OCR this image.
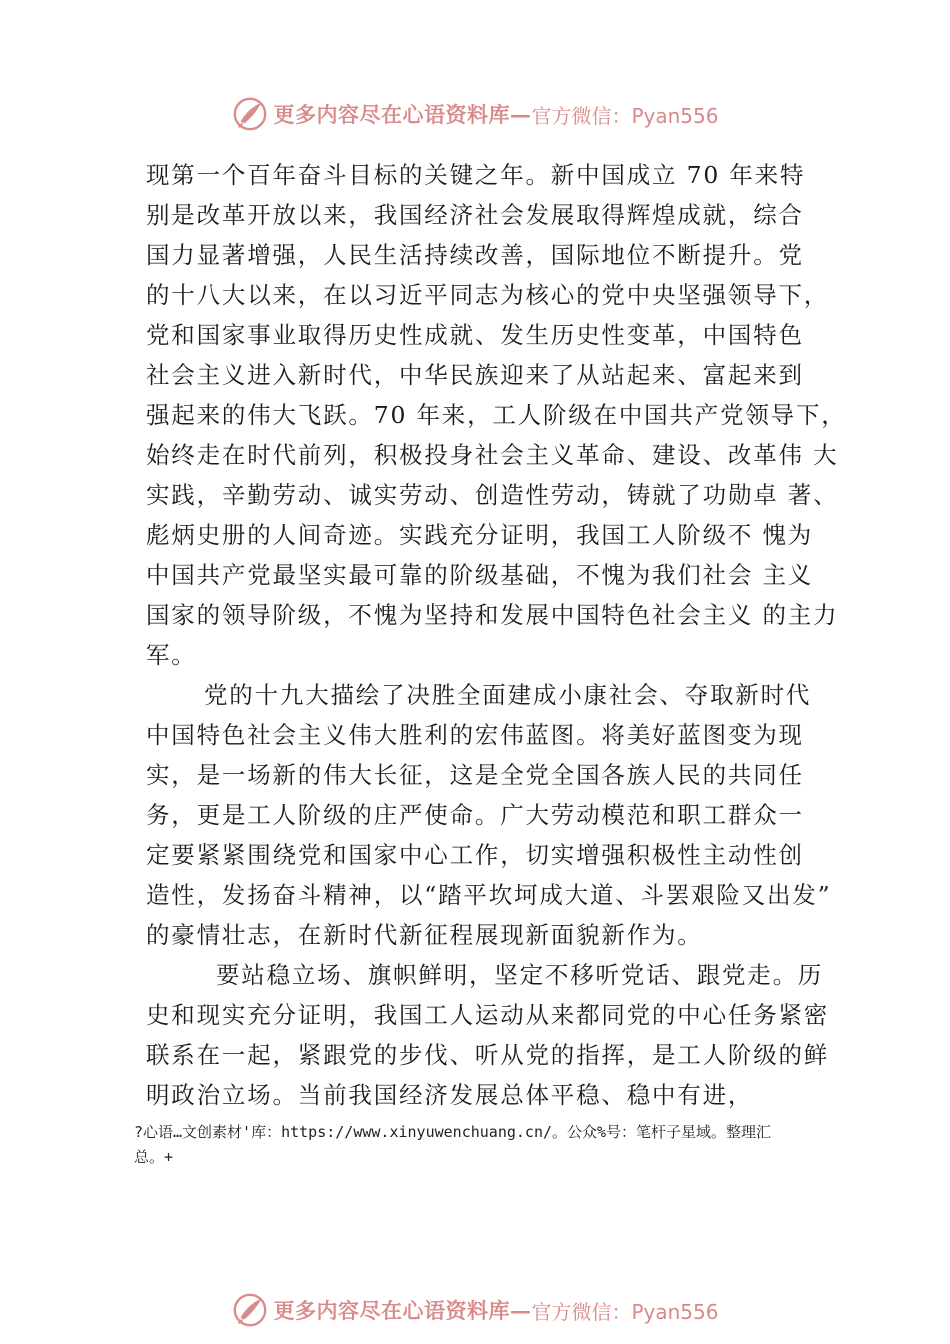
更多内容尽在心语资料库— 官方微信：Pyan556
现第一个百年奋斗目标的关键之年。新中国成立 70 年来特
别是改革开放以来，我国经济社会发展取得辉煌成就，综合
国力显著增强，人民生活持续改善，国际地位不断提升。党
的十八大以来，在以习近平同志为核心的党中央坚强领导下，
党和国家事业取得历史性成就、发生历史性变革，中国特色
社会主义进入新时代，中华民族迎来了从站起来、富起来到
强起来的伟大飞跃。70 年来，工人阶级在中国共产党领导下，
始终走在时代前列，积极投身社会主义革命、建设、改革伟 大
实践，辛勤劳动、诚实劳动、创造性劳动，铸就了功勋卓 著、
彪炳史册的人间奇迹。实践充分证明，我国工人阶级不 愧为
中国共产党最坚实最可靠的阶级基础，不愧为我们社会 主义
国家的领导阶级，不愧为坚持和发展中国特色社会主义 的主力
军。
党的十九大描绘了决胜全面建成小康社会、夺取新时代
中国特色社会主义伟大胜利的宏伟蓝图。将美好蓝图变为现
实，是一场新的伟大长征，这是全党全国各族人民的共同任
务，更是工人阶级的庄严使命。广大劳动模范和职工群众一
定要紧紧围绕党和国家中心工作，切实增强积极性主动性创
造性，发扬奋斗精神，以“踏平坎坷成大道、斗罢艰险又出发”
的豪情壮志，在新时代新征程展现新面貌新作为。
要站稳立场、旗帜鲜明，坚定不移听党话、跟党走。历
史和现实充分证明，我国工人运动从来都同党的中心任务紧密
联系在一起，紧跟党的步伐、听从党的指挥，是工人阶级的鲜
明政治立场。当前我国经济发展总体平稳、稳中有进，
?心语…文创素材'库：https://www.xinyuwenchuang.cn/。公众%号：笔杆子星域。整理汇
总。+
更多内容尽在心语资料库— 官方微信：Pyan556
